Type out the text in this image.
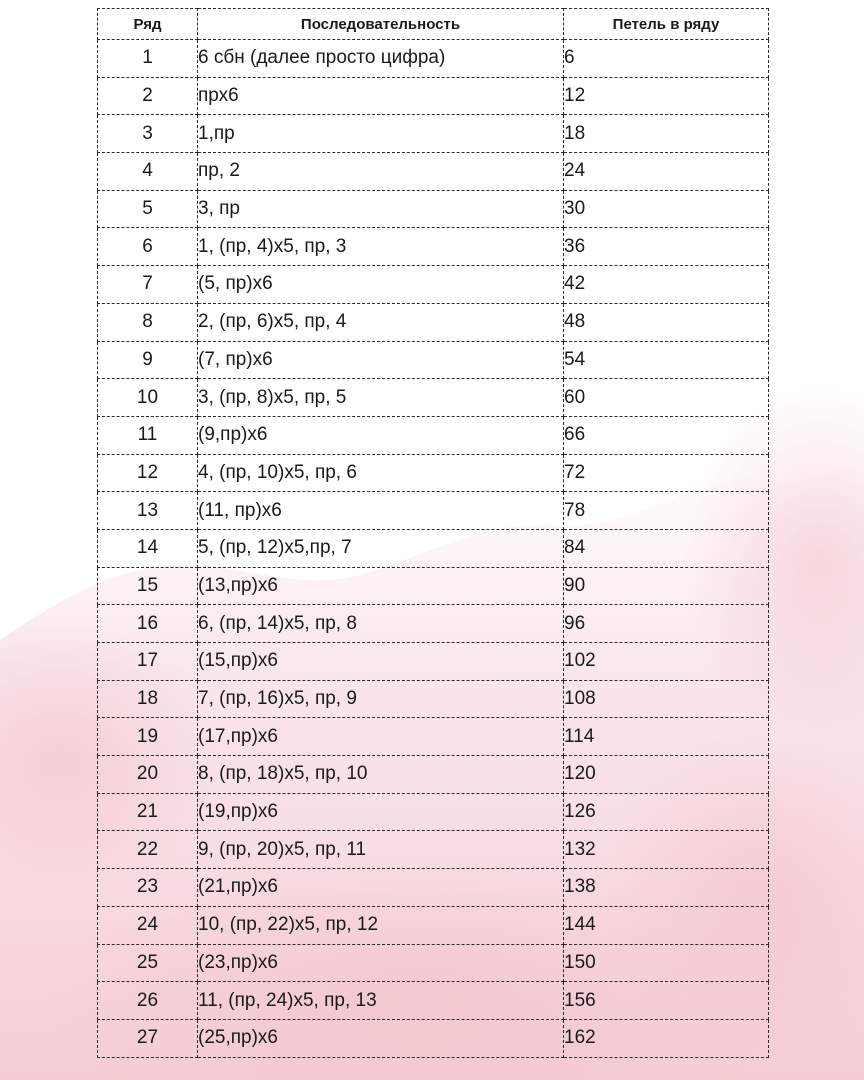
Ряд	Последовательность	Петель в ряду
1	6 сбн (далее просто цифра)	6
2	прх6	12
3	1,пр	18
4	пр, 2	24
5	3, пр	30
6	1, (пр, 4)х5, пр, 3	36
7	(5, пр)х6	42
8	2, (пр, 6)х5, пр, 4	48
9	(7, пр)х6	54
10	3, (пр, 8)х5, пр, 5	60
11	(9,пр)х6	66
12	4, (пр, 10)х5, пр, 6	72
13	(11, пр)х6	78
14	5, (пр, 12)х5,пр, 7	84
15	(13,пр)х6	90
16	6, (пр, 14)х5, пр, 8	96
17	(15,пр)х6	102
18	7, (пр, 16)х5, пр, 9	108
19	(17,пр)х6	114
20	8, (пр, 18)х5, пр, 10	120
21	(19,пр)х6	126
22	9, (пр, 20)х5, пр, 11	132
23	(21,пр)х6	138
24	10, (пр, 22)х5, пр, 12	144
25	(23,пр)х6	150
26	11, (пр, 24)х5, пр, 13	156
27	(25,пр)х6	162
